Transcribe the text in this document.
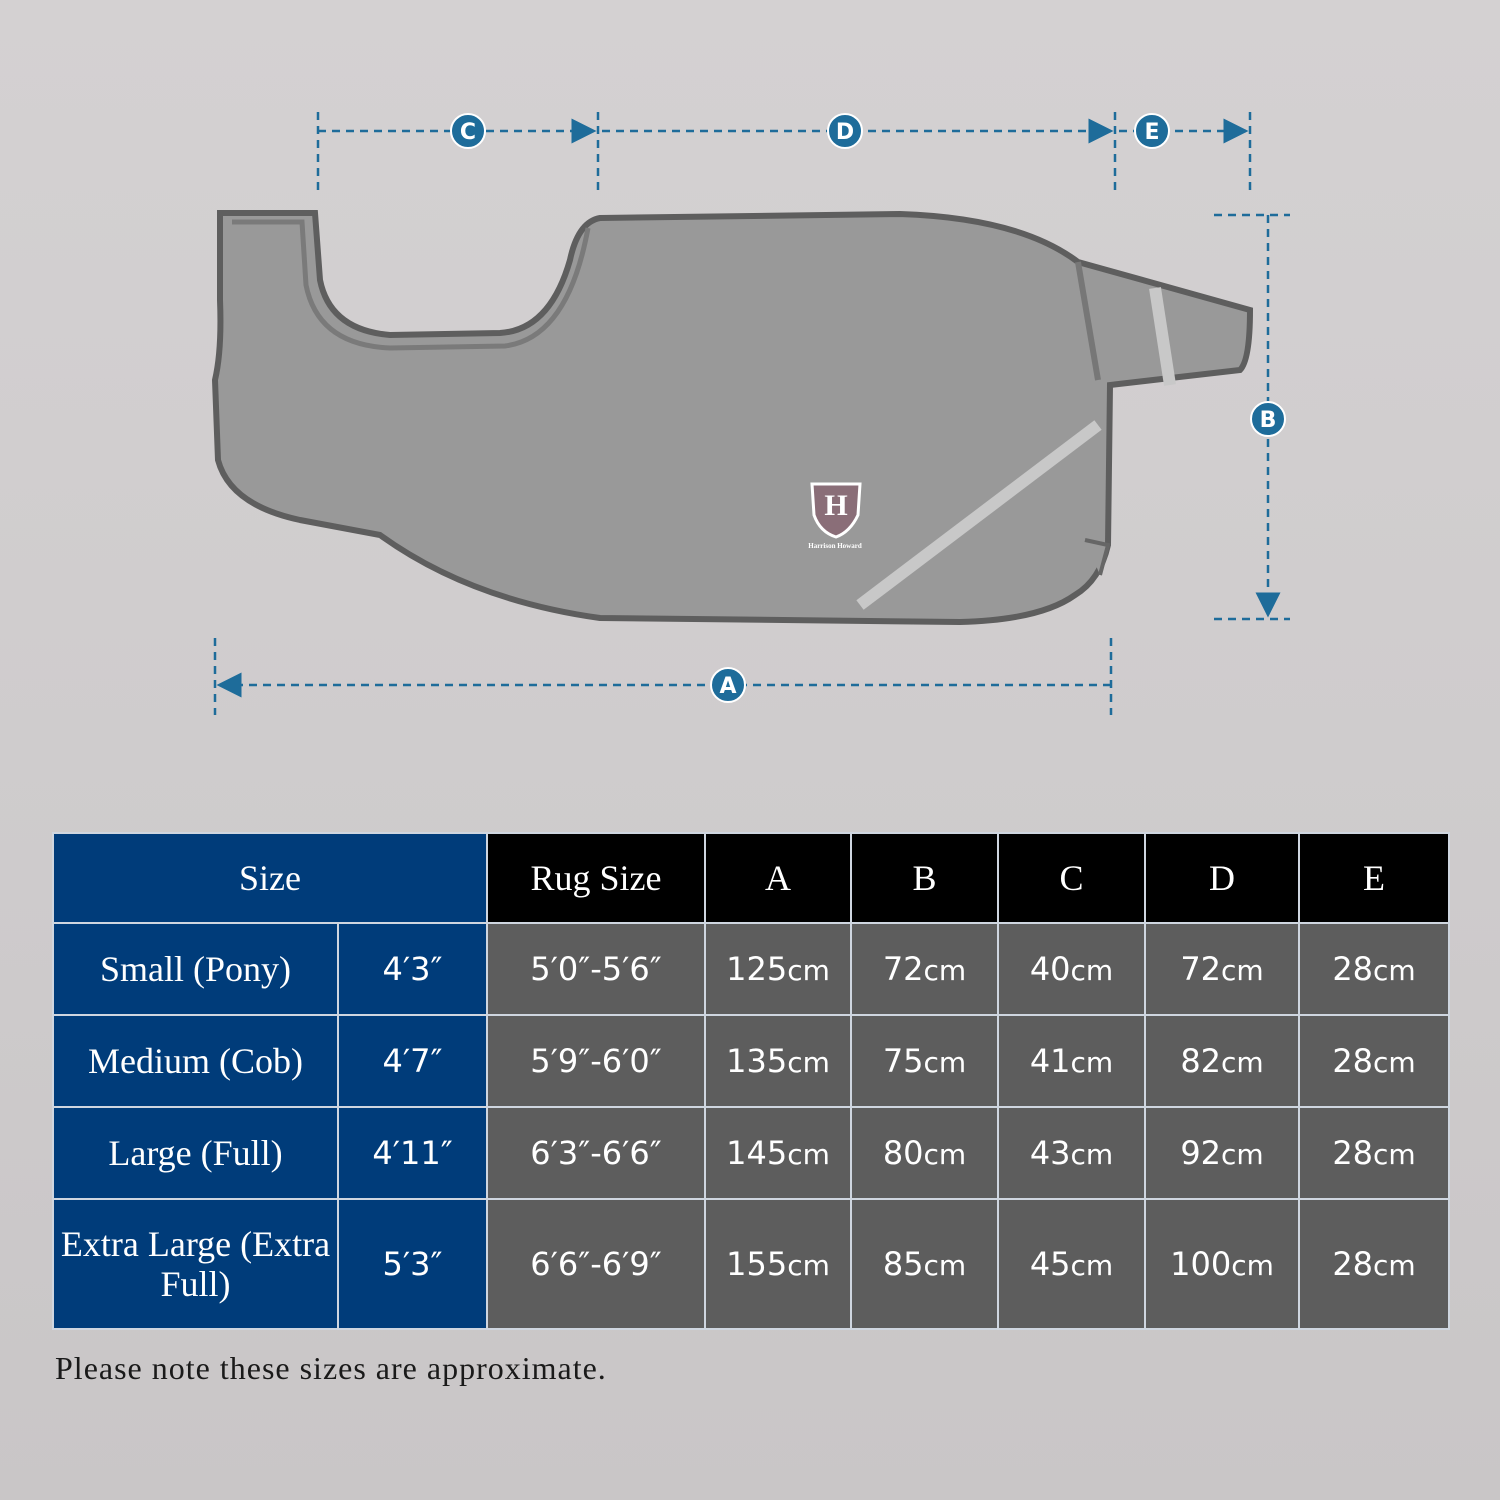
H
Harrison Howard
C	D	E
B
A
Size		Rug Size	A	B	C	D	E
Small (Pony)	4′3″	5′0″-5′6″	125cm	72cm	40cm	72cm	28cm
Medium (Cob)	4′7″	5′9″-6′0″	135cm	75cm	41cm	82cm	28cm
Large (Full)	4′11″	6′3″-6′6″	145cm	80cm	43cm	92cm	28cm
Extra Large (Extra Full)	5′3″	6′6″-6′9″	155cm	85cm	45cm	100cm	28cm
Please note these sizes are approximate.
